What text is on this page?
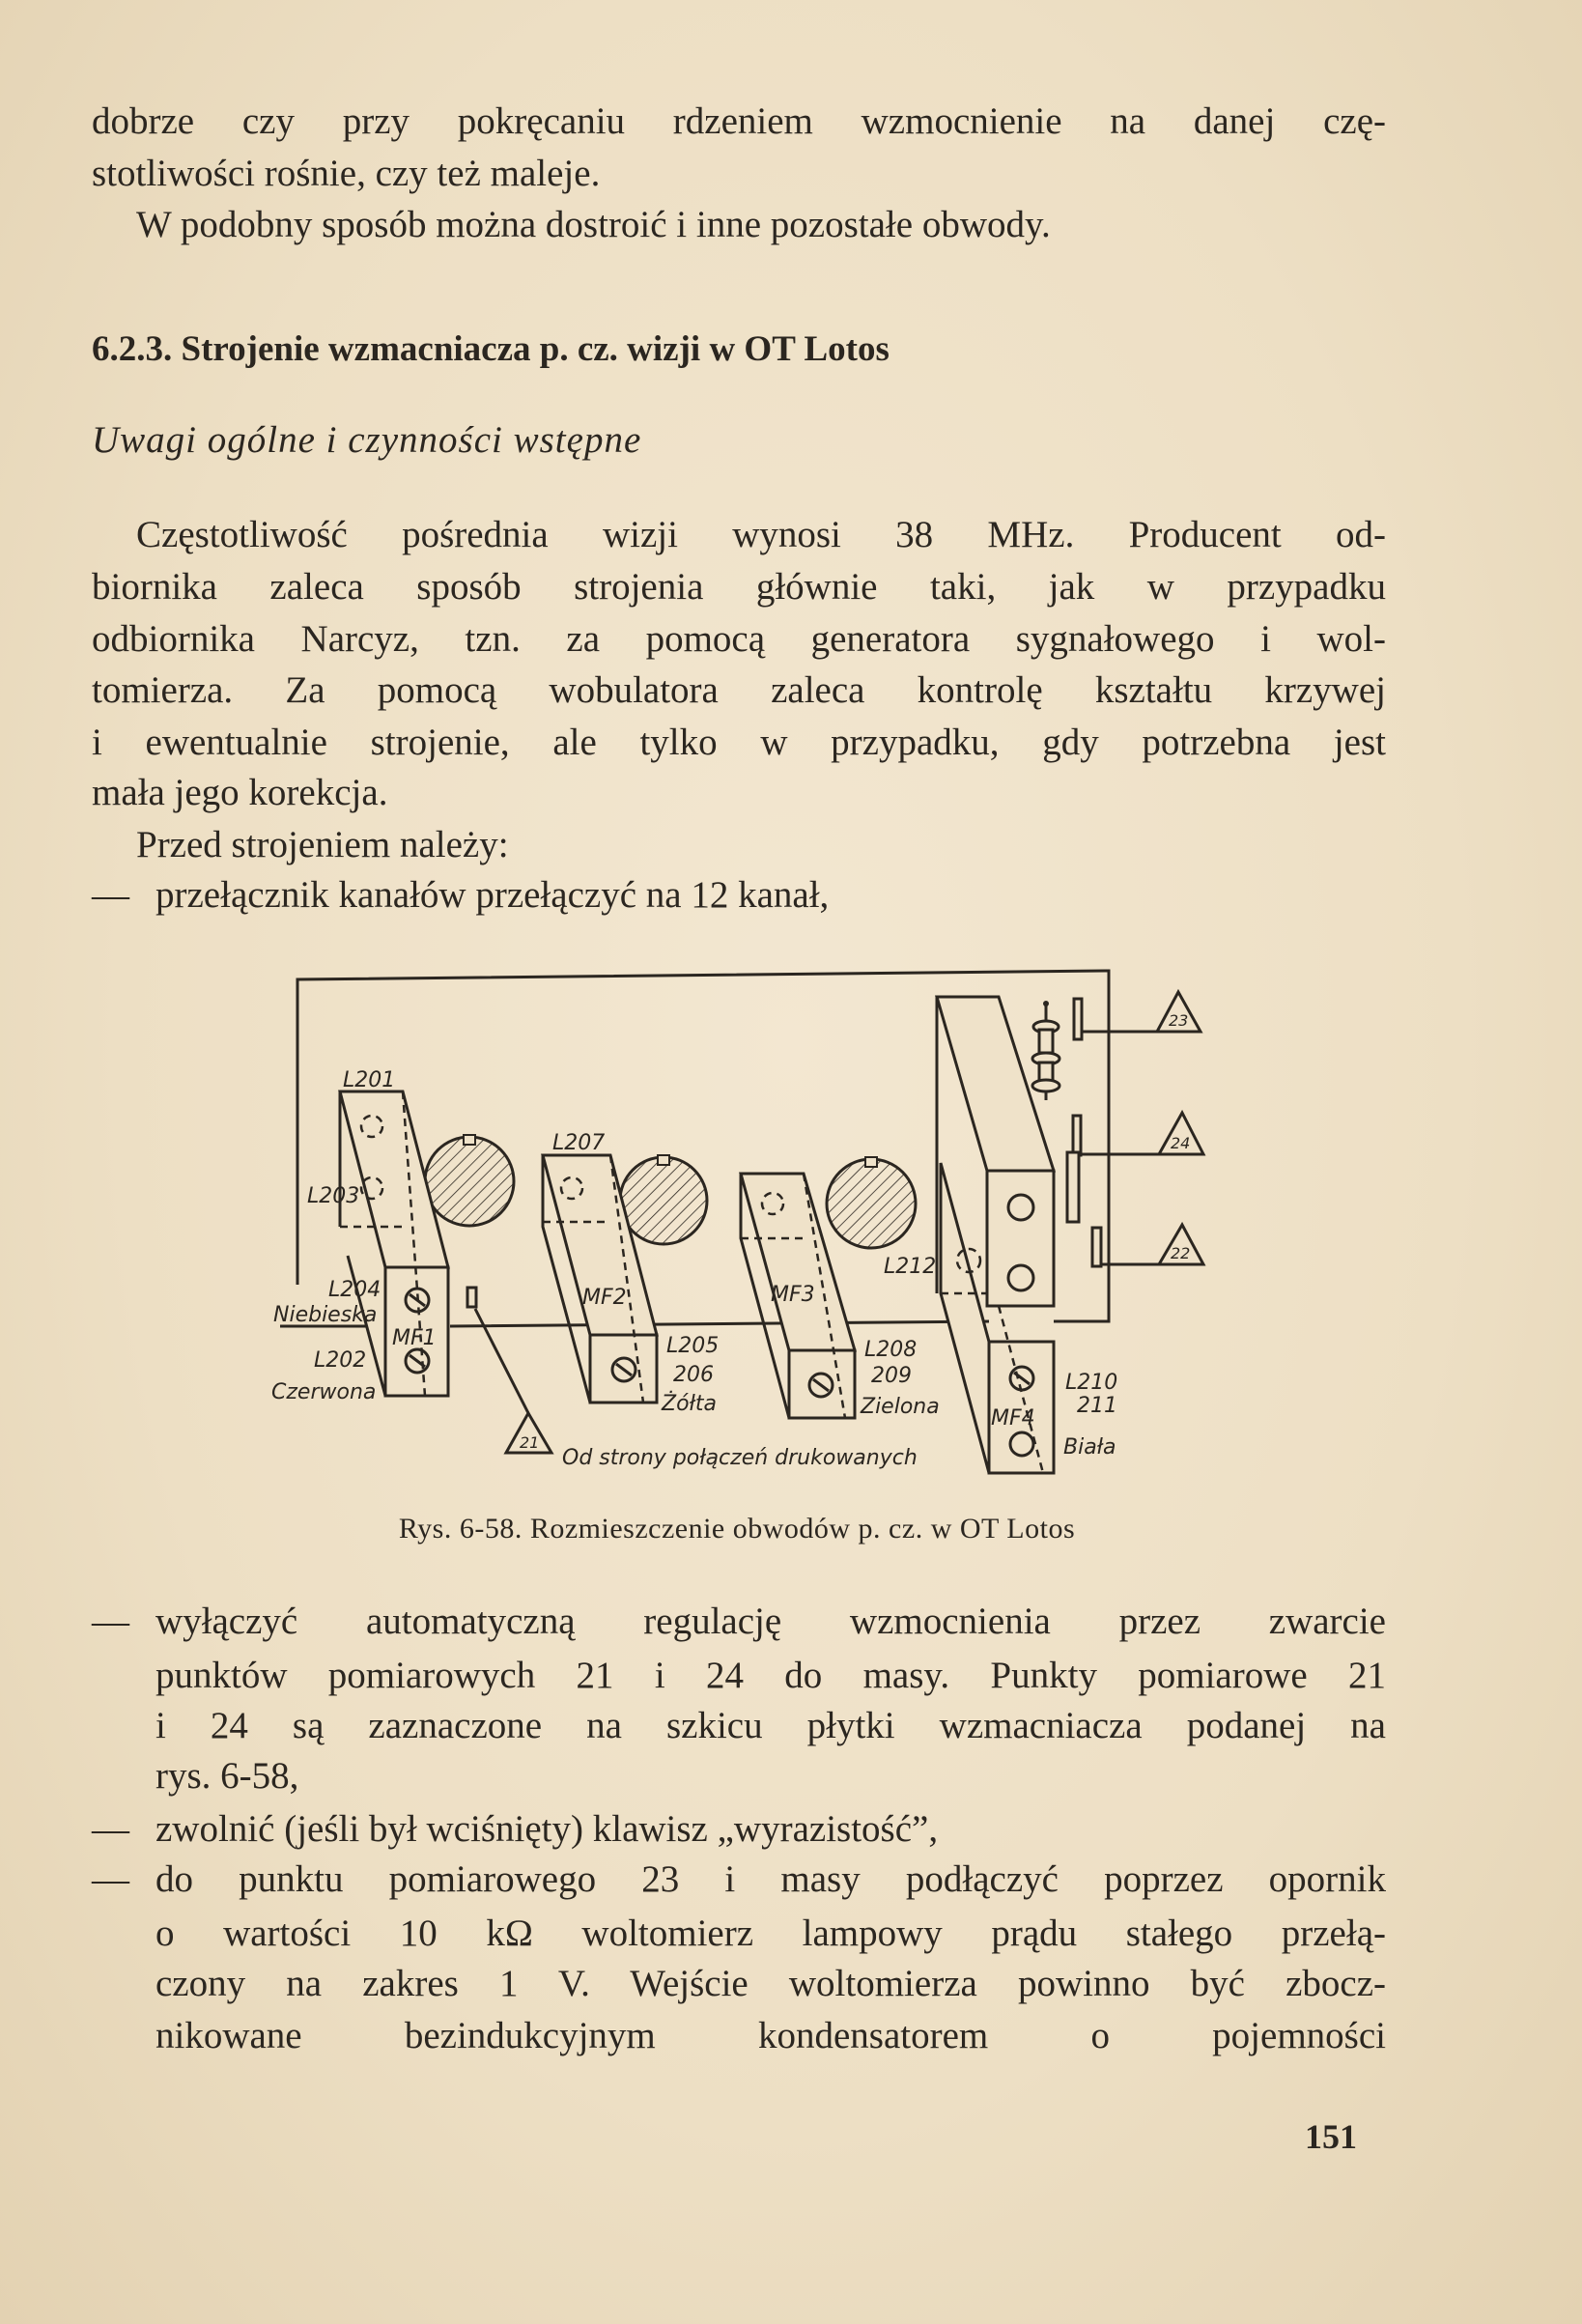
dobrze czy przy pokręcaniu rdzeniem wzmocnienie na danej czę-
stotliwości rośnie, czy też maleje.
W podobny sposób można dostroić i inne pozostałe obwody.
6.2.3. Strojenie wzmacniacza p. cz. wizji w OT Lotos
Uwagi ogólne i czynności wstępne
Częstotliwość pośrednia wizji wynosi 38 MHz. Producent od-
biornika zaleca sposób strojenia głównie taki, jak w przypadku
odbiornika Narcyz, tzn. za pomocą generatora sygnałowego i wol-
tomierza. Za pomocą wobulatora zaleca kontrolę kształtu krzywej
i ewentualnie strojenie, ale tylko w przypadku, gdy potrzebna jest
mała jego korekcja.
Przed strojeniem należy:
— przełącznik kanałów przełączyć na 12 kanał,
23
24
22
21
L201
L203
L204
Niebieska
L202
Czerwona
MF1
L207
MF2
L205
206
Żółta
MF3
L208
209
Zielona
L212
MF4
L210
211
Biała
Od strony połączeń drukowanych
Rys. 6-58. Rozmieszczenie obwodów p. cz. w OT Lotos
— wyłączyć automatyczną regulację wzmocnienia przez zwarcie
punktów pomiarowych 21 i 24 do masy. Punkty pomiarowe 21
i 24 są zaznaczone na szkicu płytki wzmacniacza podanej na
rys. 6-58,
— zwolnić (jeśli był wciśnięty) klawisz „wyrazistość”,
— do punktu pomiarowego 23 i masy podłączyć poprzez opornik
o wartości 10 kΩ woltomierz lampowy prądu stałego przełą-
czony na zakres 1 V. Wejście woltomierza powinno być zbocz-
nikowane bezindukcyjnym kondensatorem o pojemności
151
